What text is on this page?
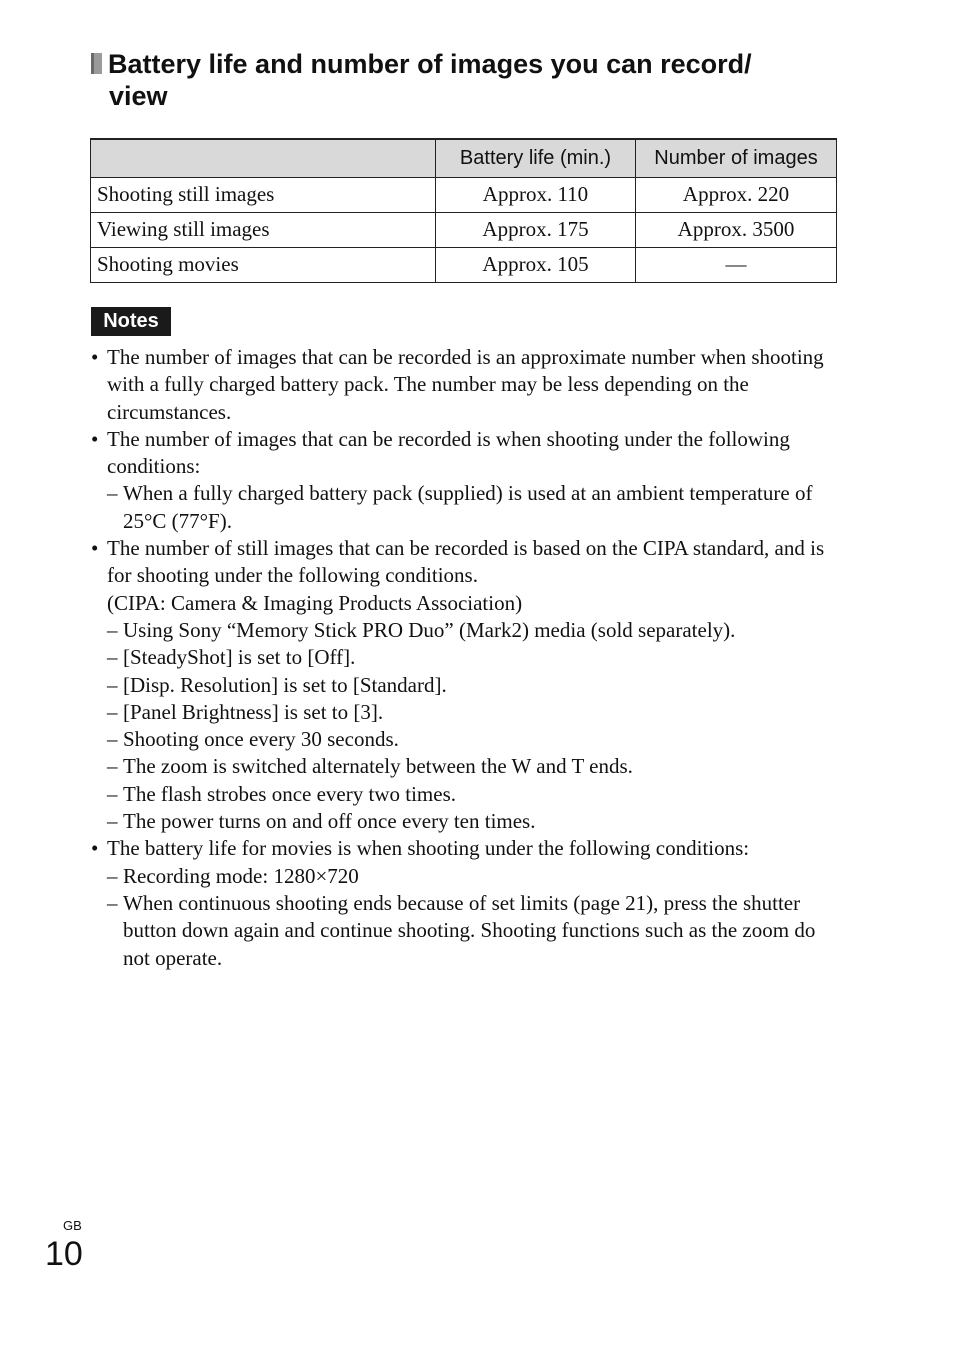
Battery life and number of images you can record/
view
	Battery life (min.)	Number of images
Shooting still images	Approx. 110	Approx. 220
Viewing still images	Approx. 175	Approx. 3500
Shooting movies	Approx. 105	—
Notes
• The number of images that can be recorded is an approximate number when shooting with a fully charged battery pack. The number may be less depending on the circumstances.
• The number of images that can be recorded is when shooting under the following conditions:
– When a fully charged battery pack (supplied) is used at an ambient temperature of 25°C (77°F).
• The number of still images that can be recorded is based on the CIPA standard, and is for shooting under the following conditions.
(CIPA: Camera & Imaging Products Association)
– Using Sony “Memory Stick PRO Duo” (Mark2) media (sold separately).
– [SteadyShot] is set to [Off].
– [Disp. Resolution] is set to [Standard].
– [Panel Brightness] is set to [3].
– Shooting once every 30 seconds.
– The zoom is switched alternately between the W and T ends.
– The flash strobes once every two times.
– The power turns on and off once every ten times.
• The battery life for movies is when shooting under the following conditions:
– Recording mode: 1280×720
– When continuous shooting ends because of set limits (page 21), press the shutter button down again and continue shooting. Shooting functions such as the zoom do not operate.
GB
10
